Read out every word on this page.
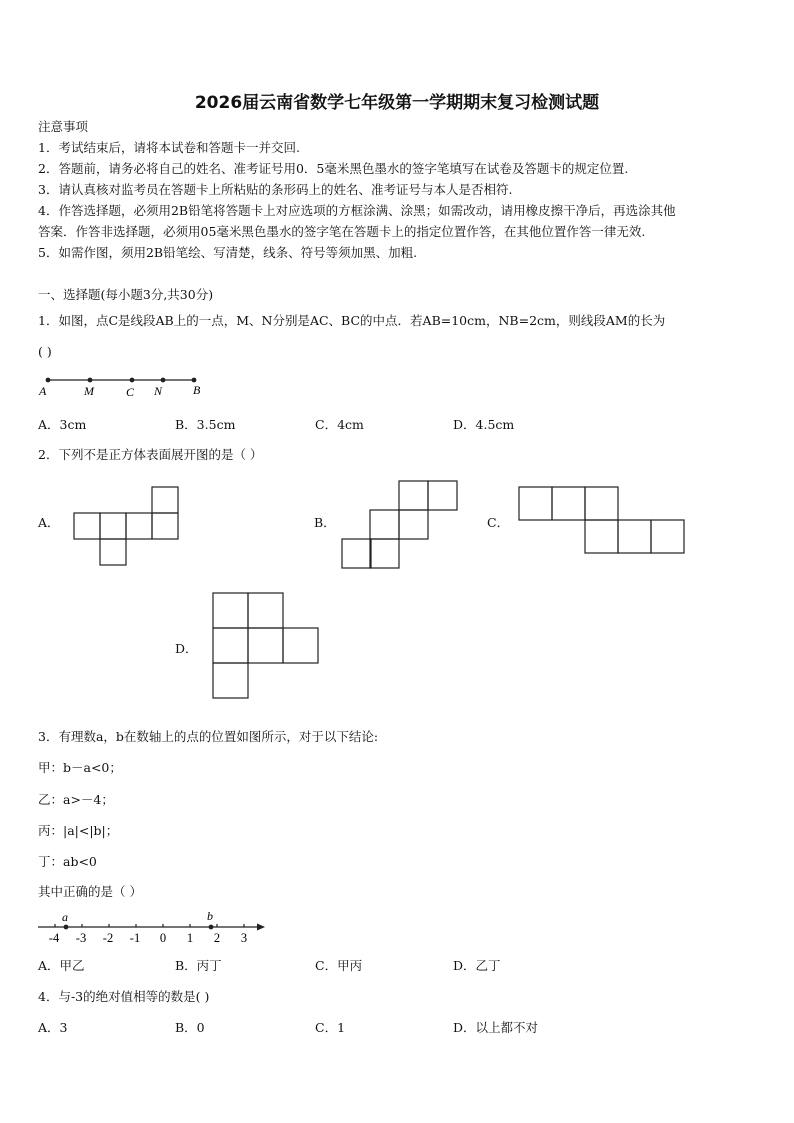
2026届云南省数学七年级第一学期期末复习检测试题
注意事项
1．考试结束后，请将本试卷和答题卡一并交回.
2．答题前，请务必将自己的姓名、准考证号用0．5毫米黑色墨水的签字笔填写在试卷及答题卡的规定位置.
3．请认真核对监考员在答题卡上所粘贴的条形码上的姓名、准考证号与本人是否相符.
4．作答选择题，必须用2B铅笔将答题卡上对应选项的方框涂满、涂黑；如需改动，请用橡皮擦干净后，再选涂其他
答案．作答非选择题，必须用05毫米黑色墨水的签字笔在答题卡上的指定位置作答，在其他位置作答一律无效.
5．如需作图，须用2B铅笔绘、写清楚，线条、符号等须加黑、加粗.
一、选择题(每小题3分,共30分)
1．如图，点C是线段AB上的一点，M、N分别是AC、BC的中点．若AB=10cm，NB=2cm，则线段AM的长为
( )
A	M	C N	B
A．3cm	B．3.5cm	C．4cm	D．4.5cm
2．下列不是正方体表面展开图的是（ ）
A．	B．	C．
D．
3．有理数a，b在数轴上的点的位置如图所示，对于以下结论:
甲：b－a<0；
乙：a>－4；
丙：|a|<|b|；
丁：ab<0
其中正确的是（ ）
a	b
-4 -3 -2 -1 0 1 2 3
A．甲乙	B．丙丁	C．甲丙	D．乙丁
4．与-3的绝对值相等的数是( )
A．3	B．0	C．1	D．以上都不对
